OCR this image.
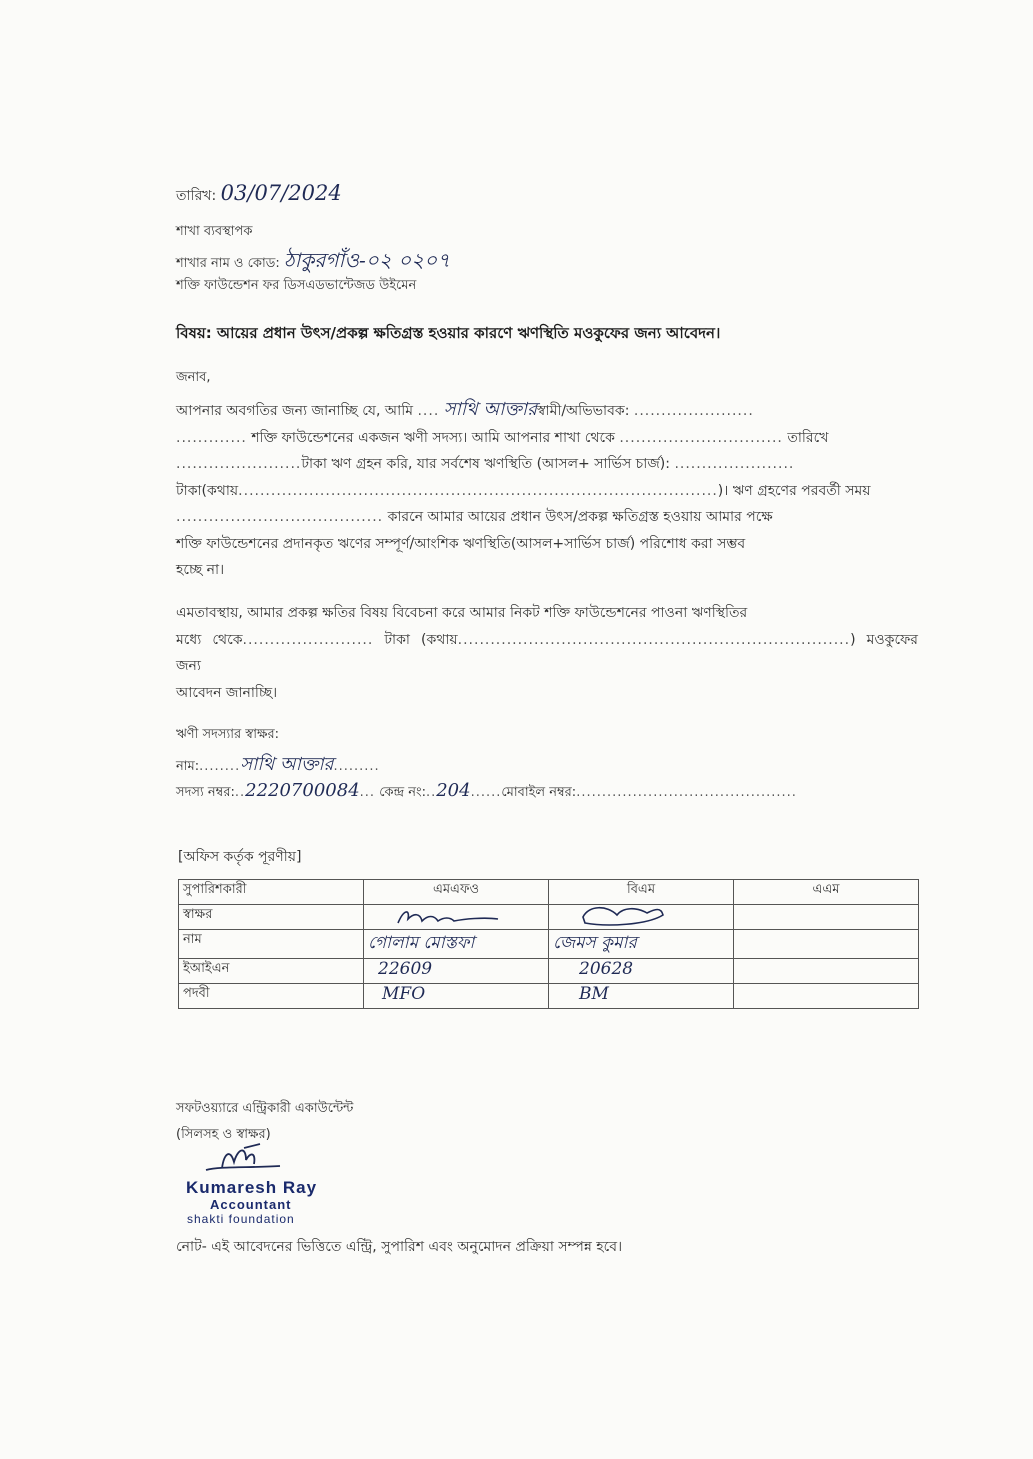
তারিখ: 03/07/2024
শাখা ব্যবস্থাপক
শাখার নাম ও কোড: ঠাকুরগাঁও-০২ ০২০৭
শক্তি ফাউন্ডেশন ফর ডিসএডভান্টেজড উইমেন
বিষয়: আয়ের প্রধান উৎস/প্রকল্প ক্ষতিগ্রস্ত হওয়ার কারণে ঋণস্থিতি মওকুফের জন্য আবেদন।
জনাব,
আপনার অবগতির জন্য জানাচ্ছি যে, আমি .... সাথি আক্তারস্বামী/অভিভাবক: ......................
............. শক্তি ফাউন্ডেশনের একজন ঋণী সদস্য। আমি আপনার শাখা থেকে .............................. তারিখে
.......................টাকা ঋণ গ্রহন করি, যার সর্বশেষ ঋণস্থিতি (আসল+ সার্ভিস চার্জ): ......................
টাকা(কথায়........................................................................................)। ঋণ গ্রহণের পরবর্তী সময়
...................................... কারনে আমার আয়ের প্রধান উৎস/প্রকল্প ক্ষতিগ্রস্ত হওয়ায় আমার পক্ষে
শক্তি ফাউন্ডেশনের প্রদানকৃত ঋণের সম্পূর্ণ/আংশিক ঋণস্থিতি(আসল+সার্ভিস চার্জ) পরিশোধ করা সম্ভব
হচ্ছে না।
এমতাবস্থায়, আমার প্রকল্প ক্ষতির বিষয় বিবেচনা করে আমার নিকট শক্তি ফাউন্ডেশনের পাওনা ঋণস্থিতির
মধ্যে থেকে........................ টাকা (কথায়........................................................................) মওকুফের জন্য
আবেদন জানাচ্ছি।
ঋণী সদস্যার স্বাক্ষর:
নাম:........সাথি আক্তার.........
সদস্য নম্বর:..2220700084... কেন্দ্র নং:..204......মোবাইল নম্বর:...........................................
[অফিস কর্তৃক পূরণীয়]
সুপারিশকারী	এমএফও	বিএম	এএম
স্বাক্ষর	

নাম	গোলাম মোস্তফা	জেমস কুমার	
ইআইএন	22609	20628	
পদবী	MFO	BM	
সফটওয়্যারে এন্ট্রিকারী একাউন্টেন্ট
(সিলসহ ও স্বাক্ষর)
Kumaresh Ray
Accountant
shakti foundation
নোট- এই আবেদনের ভিত্তিতে এন্ট্রি, সুপারিশ এবং অনুমোদন প্রক্রিয়া সম্পন্ন হবে।
